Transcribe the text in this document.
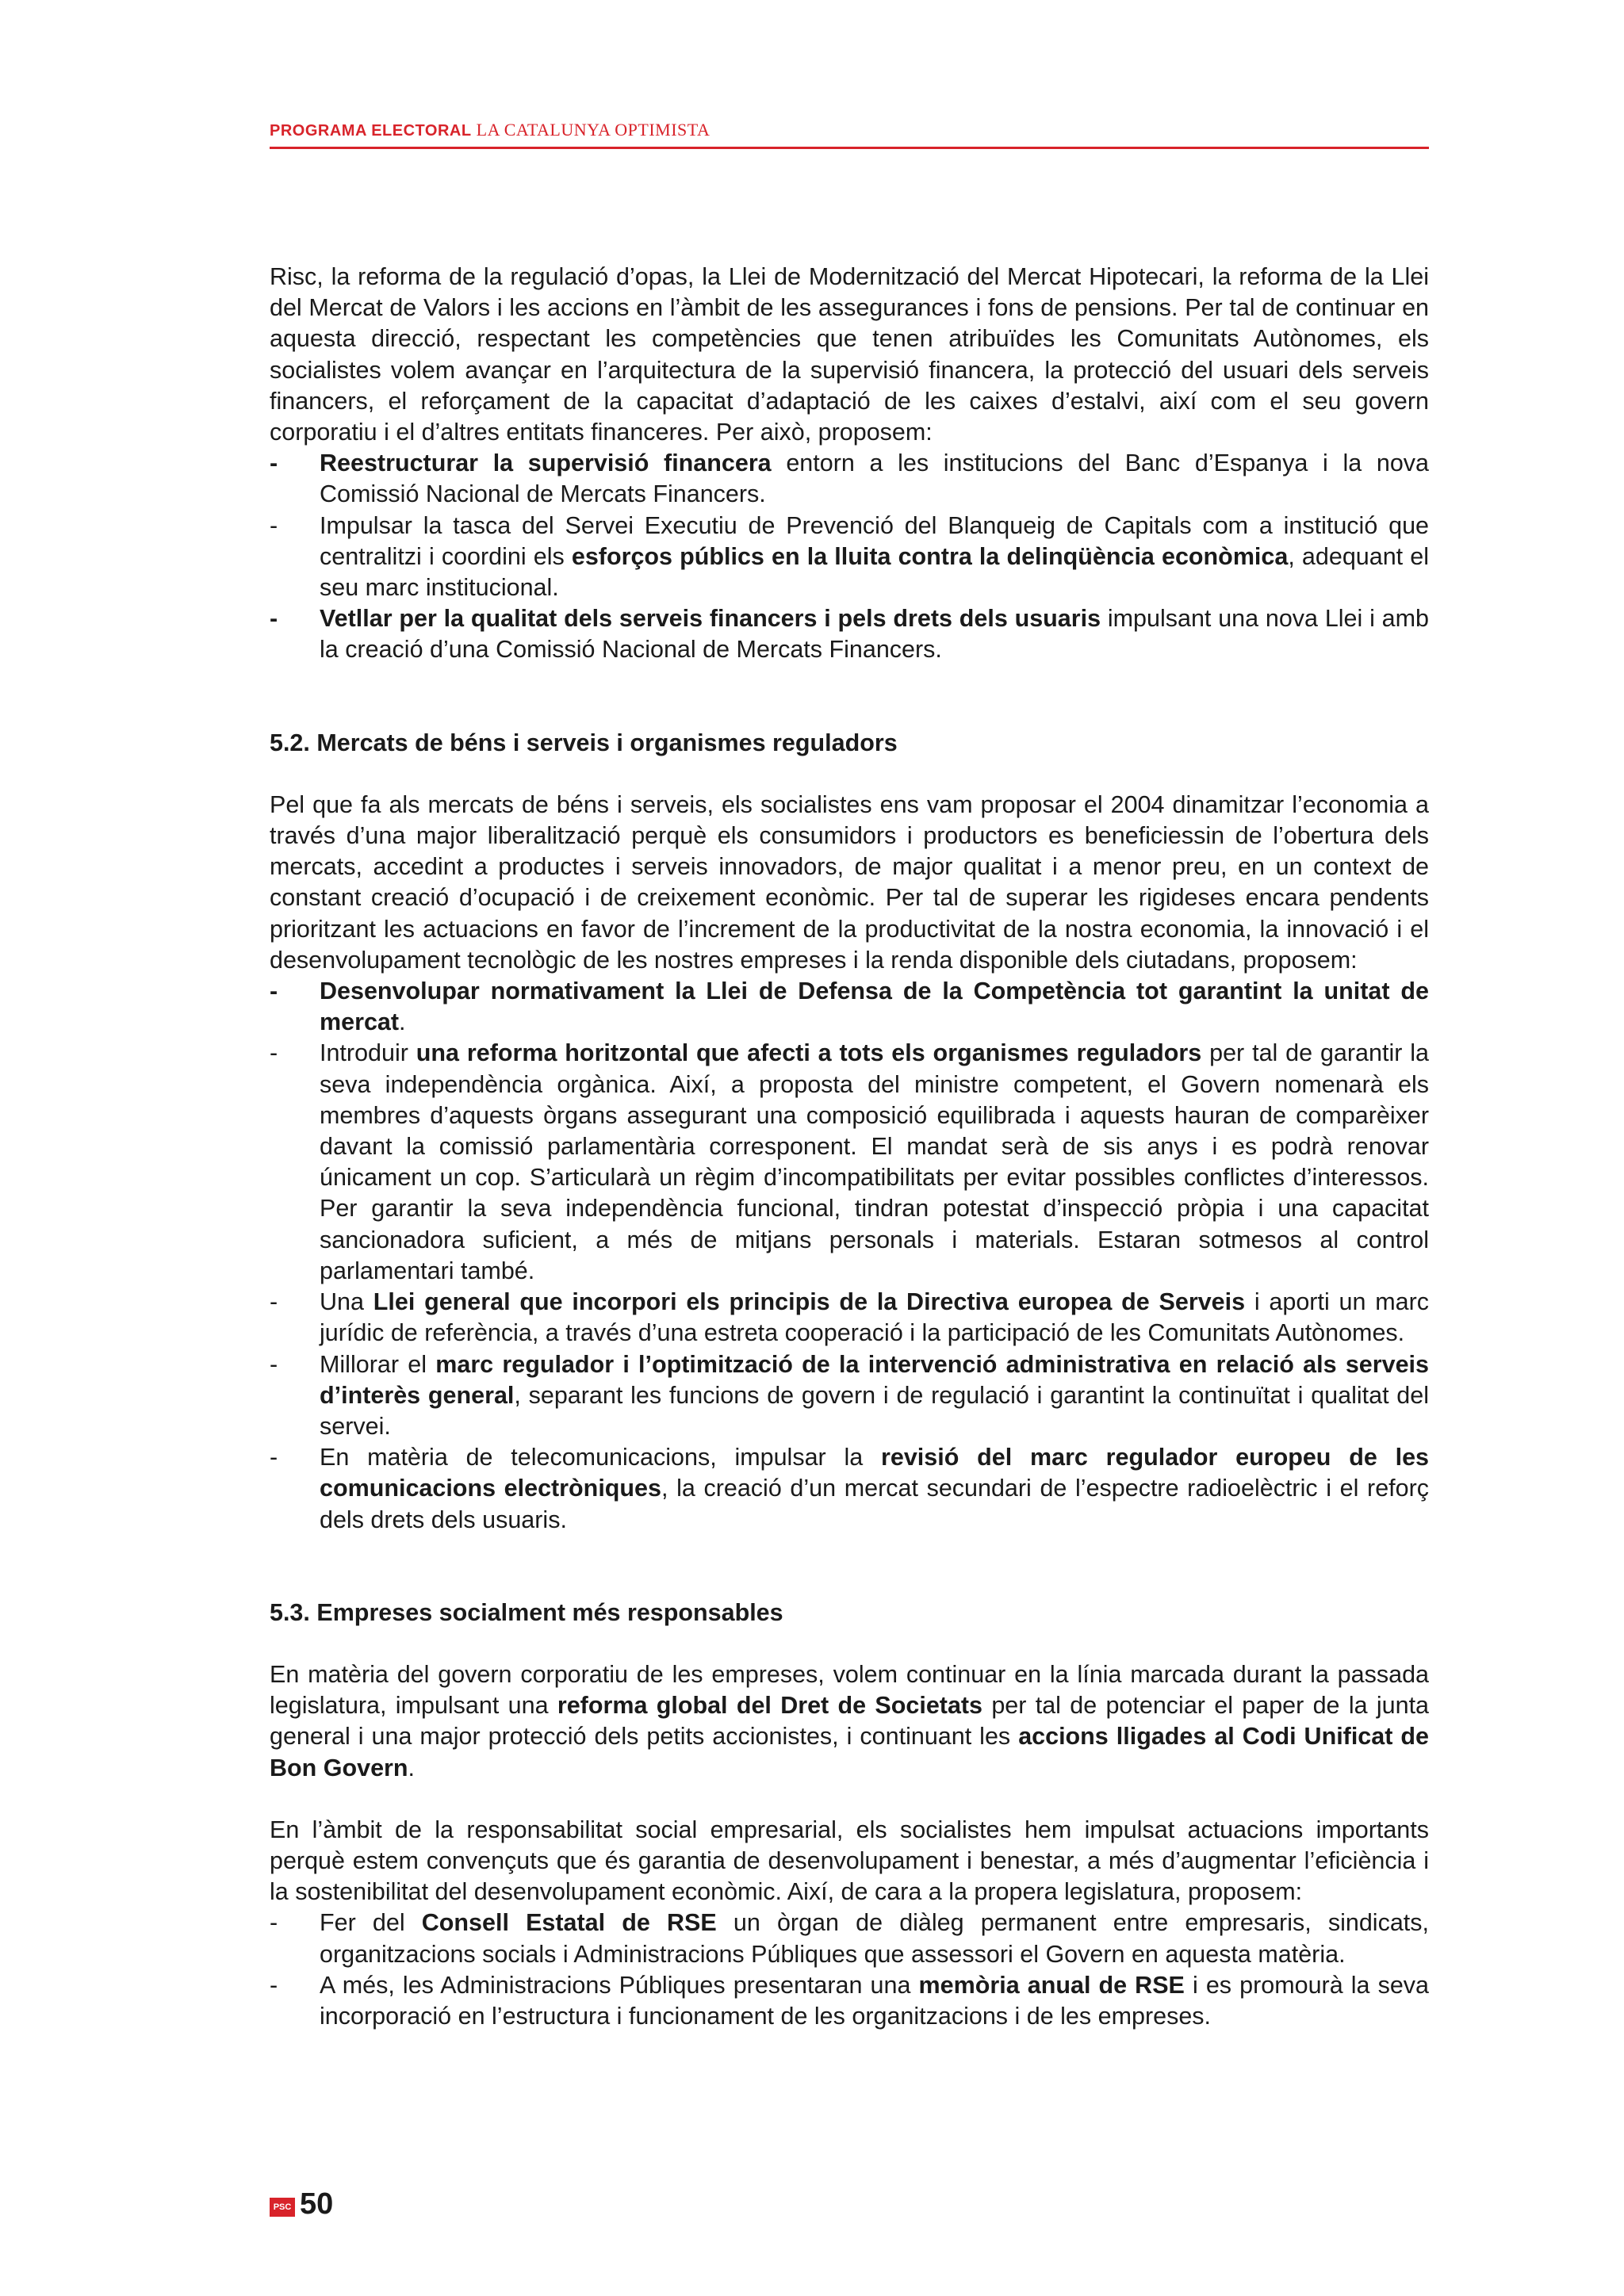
PROGRAMA ELECTORAL LA CATALUNYA OPTIMISTA

Risc, la reforma de la regulació d’opas, la Llei de Modernització del Mercat Hipotecari, la reforma de la Llei del Mercat de Valors i les accions en l’àmbit de les assegurances i fons de pensions. Per tal de continuar en aquesta direcció, respectant les competències que tenen atribuïdes les Comunitats Autònomes, els socialistes volem avançar en l’arquitectura de la supervisió financera, la protecció del usuari dels serveis financers, el reforçament de la capacitat d’adaptació de les caixes d’estalvi, així com el seu govern corporatiu i el d’altres entitats financeres. Per això, proposem:

-	Reestructurar la supervisió financera entorn a les institucions del Banc d’Espanya i la nova Comissió Nacional de Mercats Financers.
-	Impulsar la tasca del Servei Executiu de Prevenció del Blanqueig de Capitals com a institució que centralitzi i coordini els esforços públics en la lluita contra la delinqüència econòmica, adequant el seu marc institucional.
-	Vetllar per la qualitat dels serveis financers i pels drets dels usuaris impulsant una nova Llei i amb la creació d’una Comissió Nacional de Mercats Financers.
5.2. Mercats de béns i serveis i organismes reguladors

Pel que fa als mercats de béns i serveis, els socialistes ens vam proposar el 2004 dinamitzar l’economia a través d’una major liberalització perquè els consumidors i productors es beneficiessin de l’obertura dels mercats, accedint a productes i serveis innovadors, de major qualitat i a menor preu, en un context de constant creació d’ocupació i de creixement econòmic. Per tal de superar les rigideses encara pendents prioritzant les actuacions en favor de l’increment de la productivitat de la nostra economia, la innovació i el desenvolupament tecnològic de les nostres empreses i la renda disponible dels ciutadans, proposem:

-	Desenvolupar normativament la Llei de Defensa de la Competència tot garantint la unitat de mercat.
-	Introduir una reforma horitzontal que afecti a tots els organismes reguladors per tal de garantir la seva independència orgànica. Així, a proposta del ministre competent, el Govern nomenarà els membres d’aquests òrgans assegurant una composició equilibrada i aquests hauran de comparèixer davant la comissió parlamentària corresponent. El mandat serà de sis anys i es podrà renovar únicament un cop. S’articularà un règim d’incompatibilitats per evitar possibles conflictes d’interessos. Per garantir la seva independència funcional, tindran potestat d’inspecció pròpia i una capacitat sancionadora suficient, a més de mitjans personals i materials. Estaran sotmesos al control parlamentari també.
-	Una Llei general que incorpori els principis de la Directiva europea de Serveis i aporti un marc jurídic de referència, a través d’una estreta cooperació i la participació de les Comunitats Autònomes.
-	Millorar el marc regulador i l’optimització de la intervenció administrativa en relació als serveis d’interès general, separant les funcions de govern i de regulació i garantint la continuïtat i qualitat del servei.
-	En matèria de telecomunicacions, impulsar la revisió del marc regulador europeu de les comunicacions electròniques, la creació d’un mercat secundari de l’espectre radioelèctric i el reforç dels drets dels usuaris.
5.3. Empreses socialment més responsables

En matèria del govern corporatiu de les empreses, volem continuar en la línia marcada durant la passada legislatura, impulsant una reforma global del Dret de Societats per tal de potenciar el paper de la junta general i una major protecció dels petits accionistes, i continuant les accions lligades al Codi Unificat de Bon Govern.

En l’àmbit de la responsabilitat social empresarial, els socialistes hem impulsat actuacions importants perquè estem convençuts que és garantia de desenvolupament i benestar, a més d’augmentar l’eficiència i la sostenibilitat del desenvolupament econòmic. Així, de cara a la propera legislatura, proposem:

-	Fer del Consell Estatal de RSE un òrgan de diàleg permanent entre empresaris, sindicats, organitzacions socials i Administracions Públiques que assessori el Govern en aquesta matèria.
-	A més, les Administracions Públiques presentaran una memòria anual de RSE i es promourà la seva incorporació en l’estructura i funcionament de les organitzacions i de les empreses.
PSC 50
